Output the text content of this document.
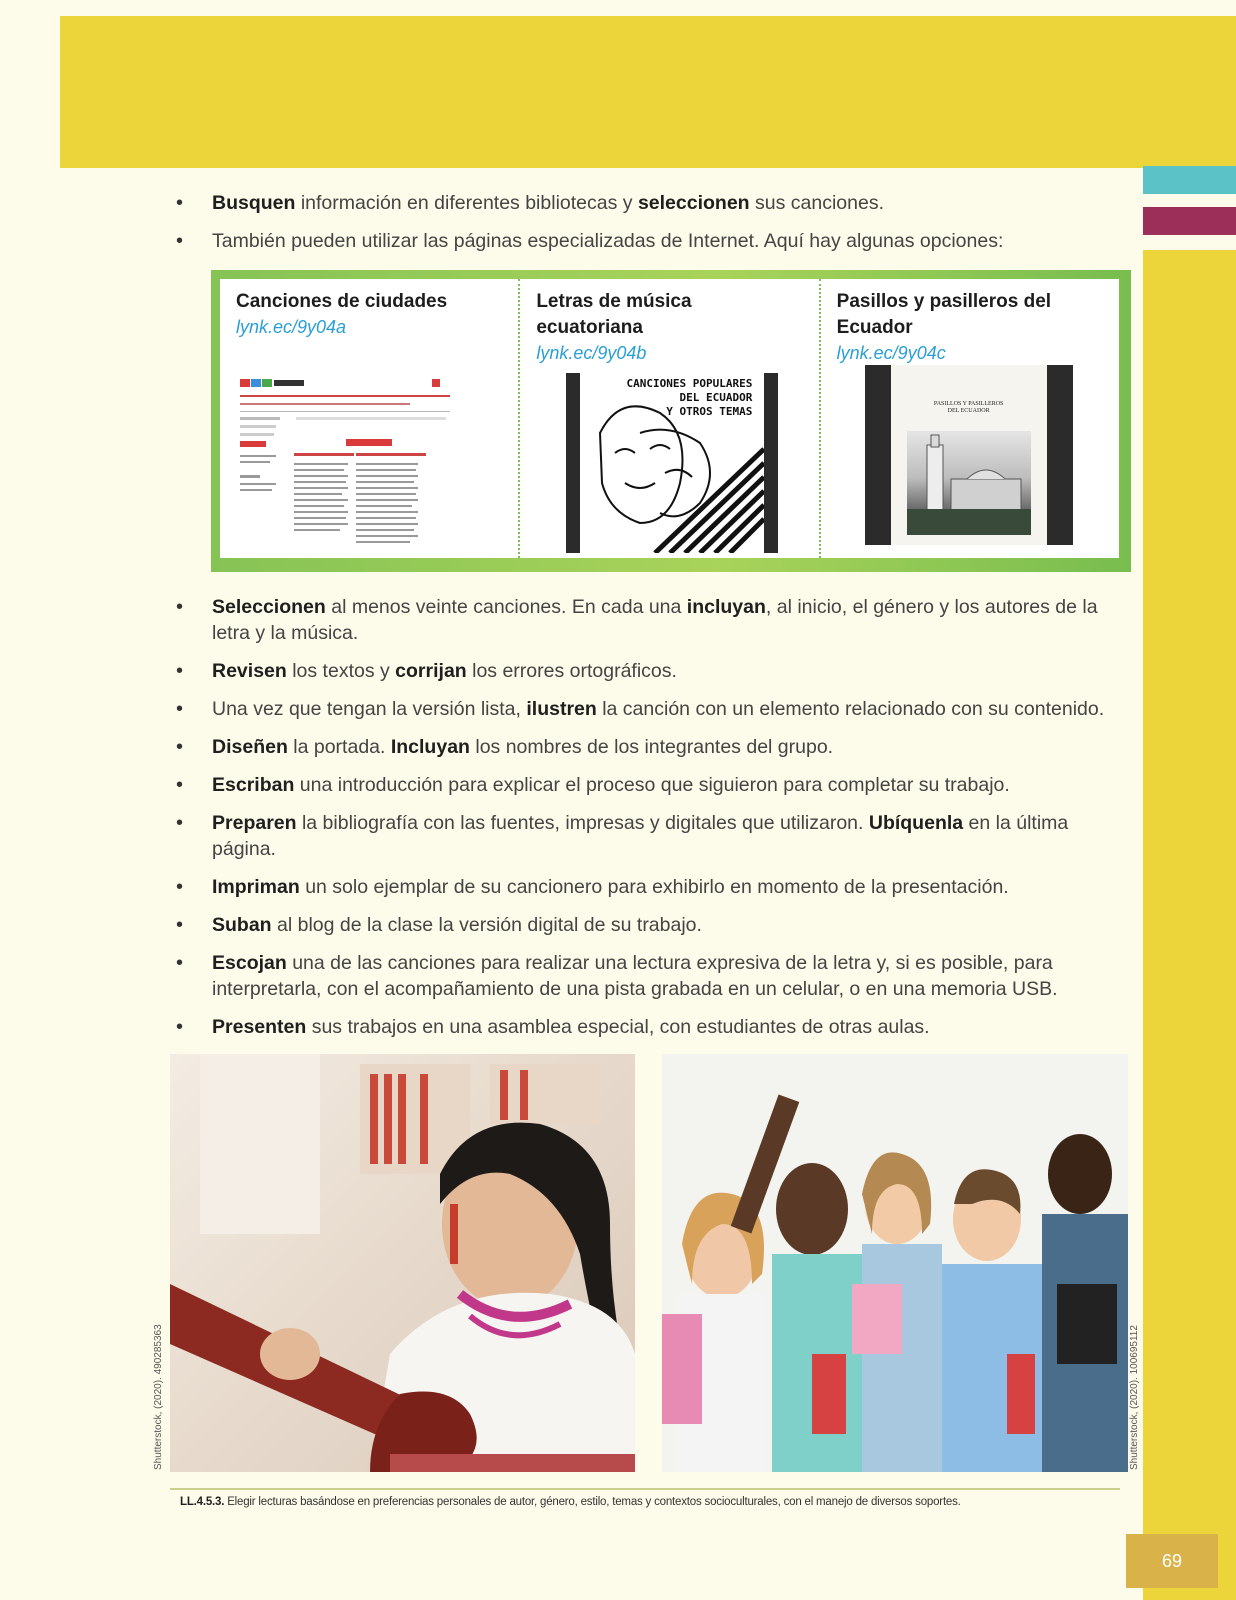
• Busquen información en diferentes bibliotecas y seleccionen sus canciones.
• También pueden utilizar las páginas especializadas de Internet. Aquí hay algunas opciones:
Canciones de ciudades
lynk.ec/9y04a
Letras de música ecuatoriana
lynk.ec/9y04b
CANCIONES POPULARES
DEL ECUADOR
Y OTROS TEMAS
Pasillos y pasilleros del Ecuador
lynk.ec/9y04c
PASILLOS Y PASILLEROS
DEL ECUADOR
• Seleccionen al menos veinte canciones. En cada una incluyan, al inicio, el género y los autores de la letra y la música.
• Revisen los textos y corrijan los errores ortográficos.
• Una vez que tengan la versión lista, ilustren la canción con un elemento relacionado con su contenido.
• Diseñen la portada. Incluyan los nombres de los integrantes del grupo.
• Escriban una introducción para explicar el proceso que siguieron para completar su trabajo.
• Preparen la bibliografía con las fuentes, impresas y digitales que utilizaron. Ubíquenla en la última página.
• Impriman un solo ejemplar de su cancionero para exhibirlo en momento de la presentación.
• Suban al blog de la clase la versión digital de su trabajo.
• Escojan una de las canciones para realizar una lectura expresiva de la letra y, si es posible, para interpretarla, con el acompañamiento de una pista grabada en un celular, o en una memoria USB.
• Presenten sus trabajos en una asamblea especial, con estudiantes de otras aulas.
Shutterstock, (2020). 490285363	Shutterstock, (2020). 100695112
LL.4.5.3. Elegir lecturas basándose en preferencias personales de autor, género, estilo, temas y contextos socioculturales, con el manejo de diversos soportes.
69
